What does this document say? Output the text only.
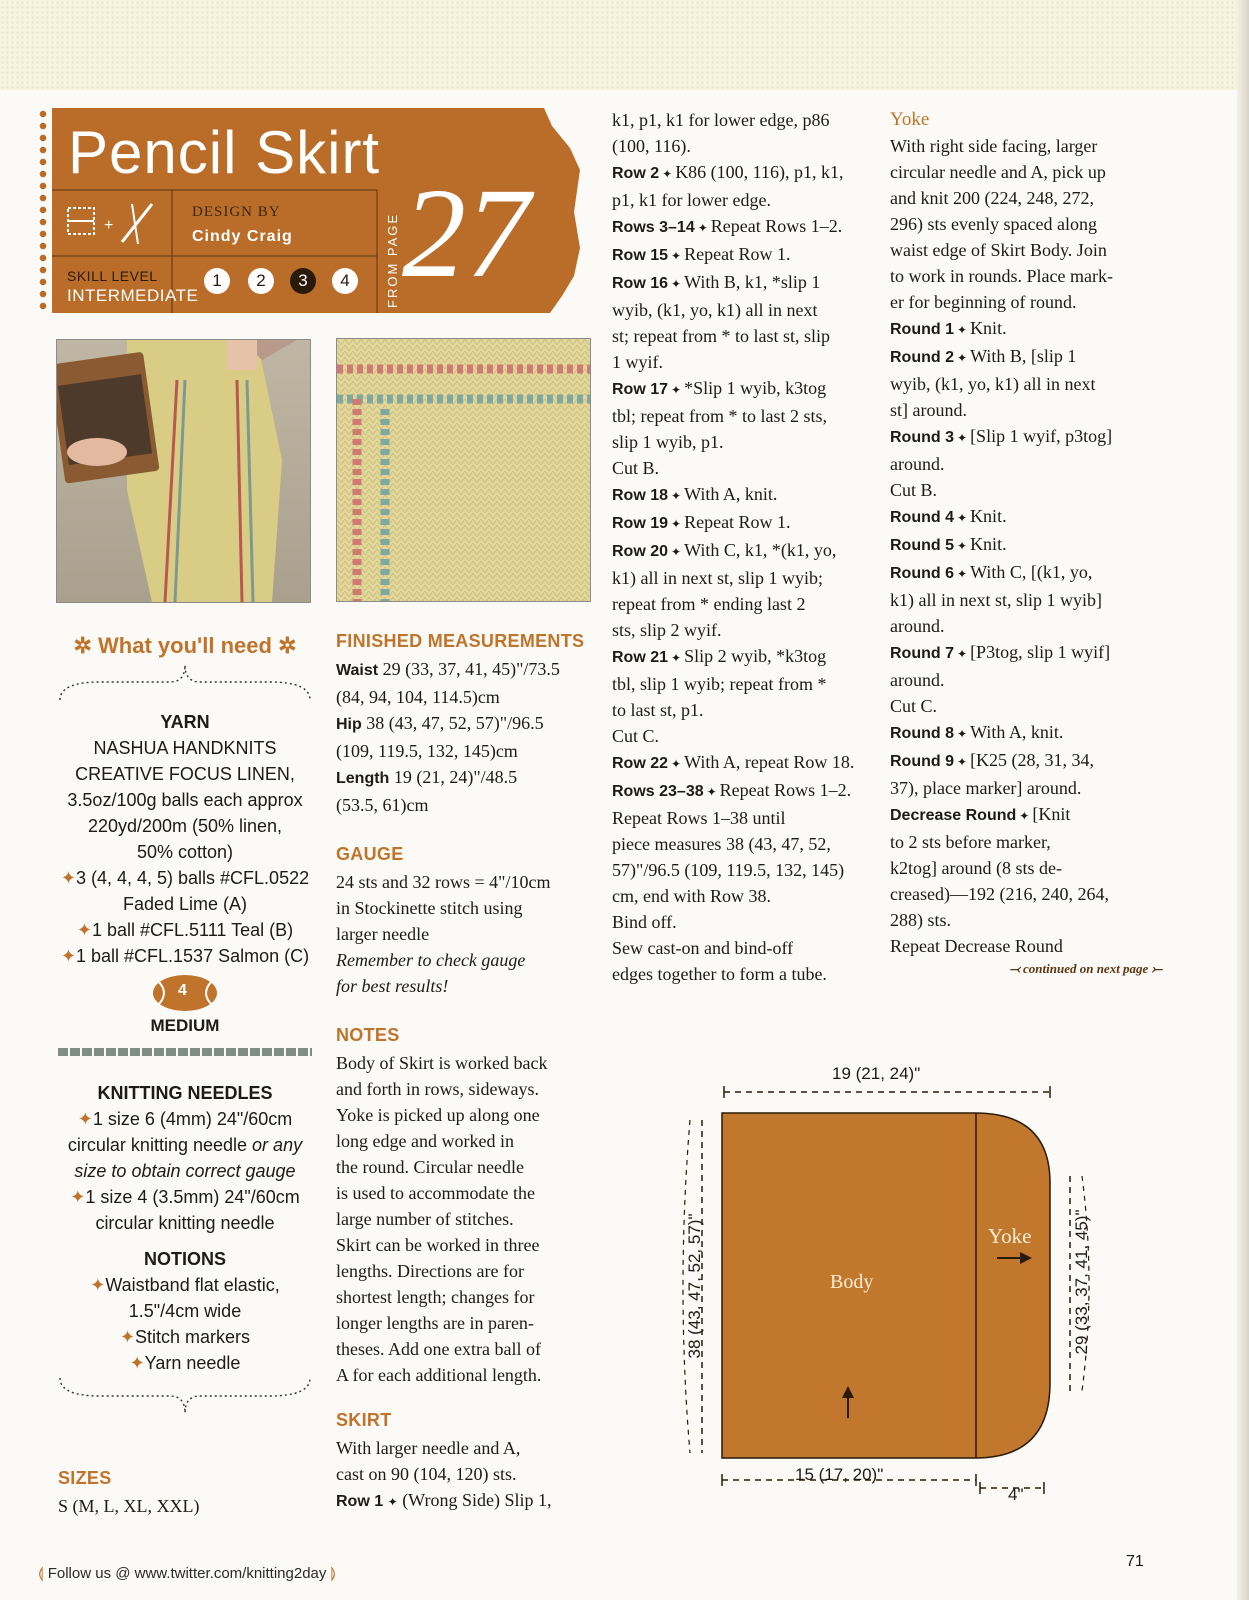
+
Pencil Skirt
DESIGN BY
Cindy Craig
SKILL LEVEL
INTERMEDIATE
1	2	3	4	FROM PAGE 27
✲ What you'll need ✲
YARN
NASHUA HANDKNITS
CREATIVE FOCUS LINEN,
3.5oz/100g balls each approx
220yd/200m (50% linen,
50% cotton)
✦3 (4, 4, 4, 5) balls #CFL.0522
Faded Lime (A)
✦1 ball #CFL.5111 Teal (B)
✦1 ball #CFL.1537 Salmon (C)
4
MEDIUM
KNITTING NEEDLES
✦1 size 6 (4mm) 24"/60cm
circular knitting needle or any
size to obtain correct gauge
✦1 size 4 (3.5mm) 24"/60cm
circular knitting needle
NOTIONS
✦Waistband flat elastic,
1.5"/4cm wide
✦Stitch markers
✦Yarn needle
SIZES
S (M, L, XL, XXL)
FINISHED MEASUREMENTS

Waist 29 (33, 37, 41, 45)"/73.5

(84, 94, 104, 114.5)cm

Hip 38 (43, 47, 52, 57)"/96.5

(109, 119.5, 132, 145)cm

Length 19 (21, 24)"/48.5

(53.5, 61)cm

GAUGE

24 sts and 32 rows = 4"/10cm

in Stockinette stitch using

larger needle

Remember to check gauge

for best results!

NOTES

Body of Skirt is worked back

and forth in rows, sideways.

Yoke is picked up along one

long edge and worked in

the round. Circular needle

is used to accommodate the

large number of stitches.

Skirt can be worked in three

lengths. Directions are for

shortest length; changes for

longer lengths are in paren-

theses. Add one extra ball of

A for each additional length.

SKIRT

With larger needle and A,

cast on 90 (104, 120) sts.

Row 1 ✦ (Wrong Side) Slip 1,

k1, p1, k1 for lower edge, p86

(100, 116).

Row 2 ✦ K86 (100, 116), p1, k1,

p1, k1 for lower edge.

Rows 3–14 ✦ Repeat Rows 1–2.

Row 15 ✦ Repeat Row 1.

Row 16 ✦ With B, k1, *slip 1

wyib, (k1, yo, k1) all in next

st; repeat from * to last st, slip

1 wyif.

Row 17 ✦ *Slip 1 wyib, k3tog

tbl; repeat from * to last 2 sts,

slip 1 wyib, p1.

Cut B.

Row 18 ✦ With A, knit.

Row 19 ✦ Repeat Row 1.

Row 20 ✦ With C, k1, *(k1, yo,

k1) all in next st, slip 1 wyib;

repeat from * ending last 2

sts, slip 2 wyif.

Row 21 ✦ Slip 2 wyib, *k3tog

tbl, slip 1 wyib; repeat from *

to last st, p1.

Cut C.

Row 22 ✦ With A, repeat Row 18.

Rows 23–38 ✦ Repeat Rows 1–2.

Repeat Rows 1–38 until

piece measures 38 (43, 47, 52,

57)"/96.5 (109, 119.5, 132, 145)

cm, end with Row 38.

Bind off.

Sew cast-on and bind-off

edges together to form a tube.

Yoke

With right side facing, larger

circular needle and A, pick up

and knit 200 (224, 248, 272,

296) sts evenly spaced along

waist edge of Skirt Body. Join

to work in rounds. Place mark-

er for beginning of round.

Round 1 ✦ Knit.

Round 2 ✦ With B, [slip 1

wyib, (k1, yo, k1) all in next

st] around.

Round 3 ✦ [Slip 1 wyif, p3tog]

around.

Cut B.

Round 4 ✦ Knit.

Round 5 ✦ Knit.

Round 6 ✦ With C, [(k1, yo,

k1) all in next st, slip 1 wyib]

around.

Round 7 ✦ [P3tog, slip 1 wyif]

around.

Cut C.

Round 8 ✦ With A, knit.

Round 9 ✦ [K25 (28, 31, 34,

37), place marker] around.

Decrease Round ✦ [Knit

to 2 sts before marker,

k2tog] around (8 sts de-

creased)—192 (216, 240, 264,

288) sts.

Repeat Decrease Round

⤙ continued on next page ⤚
19 (21, 24)"
15 (17, 20)"
4"
38 (43, 47, 52, 57)"	29 (33, 37, 41, 45)"
Body
Yoke
⟬ Follow us @ www.twitter.com/knitting2day ⟭
71
